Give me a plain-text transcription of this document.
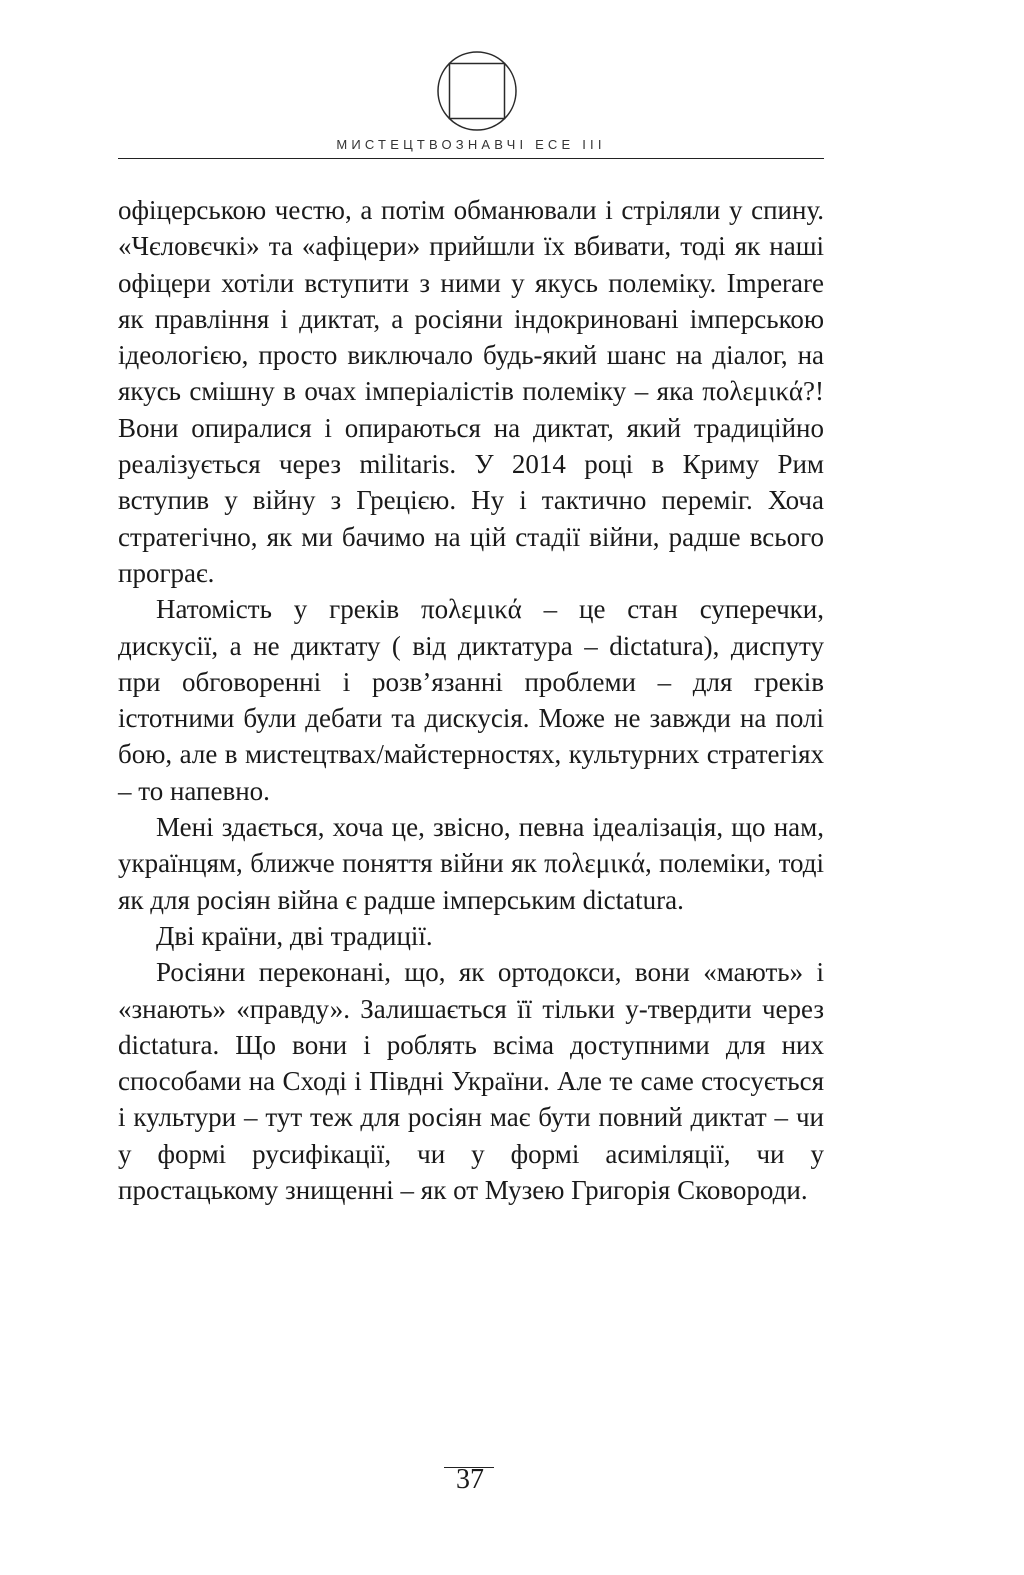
МИСТЕЦТВОЗНАВЧІ ЕСЕ ІІІ

офіцерською честю, а потім обманювали і стріляли у спину. «Чєловєчкі» та «афіцери» прийшли їх вбивати, тоді як наші офіцери хотіли вступити з ними у якусь полеміку. Imperare як правління і диктат, а росіяни індокриновані імперською ідеологією, просто виключало будь-який шанс на діалог, на якусь смішну в очах імперіалістів полеміку – яка πολεμικά?! Вони опиралися і опираються на диктат, який традиційно реалізується через militaris. У 2014 році в Криму Рим вступив у війну з Грецією. Ну і тактично переміг. Хоча стратегічно, як ми бачимо на цій стадії війни, радше всього програє.

Натомість у греків πολεμικά – це стан суперечки, дискусії, а не диктату ( від диктатура – dictatura), диспуту при обговоренні і розв’язанні проблеми – для греків істотними були дебати та дискусія. Може не завжди на полі бою, але в мистецтвах/майстерностях, культурних стратегіях – то напевно.

Мені здається, хоча це, звісно, певна ідеалізація, що нам, українцям, ближче поняття війни як πολεμικά, полеміки, тоді як для росіян війна є радше імперським dictatura.

Дві країни, дві традиції.

Росіяни переконані, що, як ортодокси, вони «мають» і «знають» «правду». Залишається її тільки у-твердити через dictatura. Що вони і роблять всіма доступними для них способами на Сході і Півдні України. Але те саме стосується і культури – тут теж для росіян має бути повний диктат – чи у формі русифікації, чи у формі асиміляції, чи у простацькому знищенні – як от Музею Григорія Сковороди.

37
